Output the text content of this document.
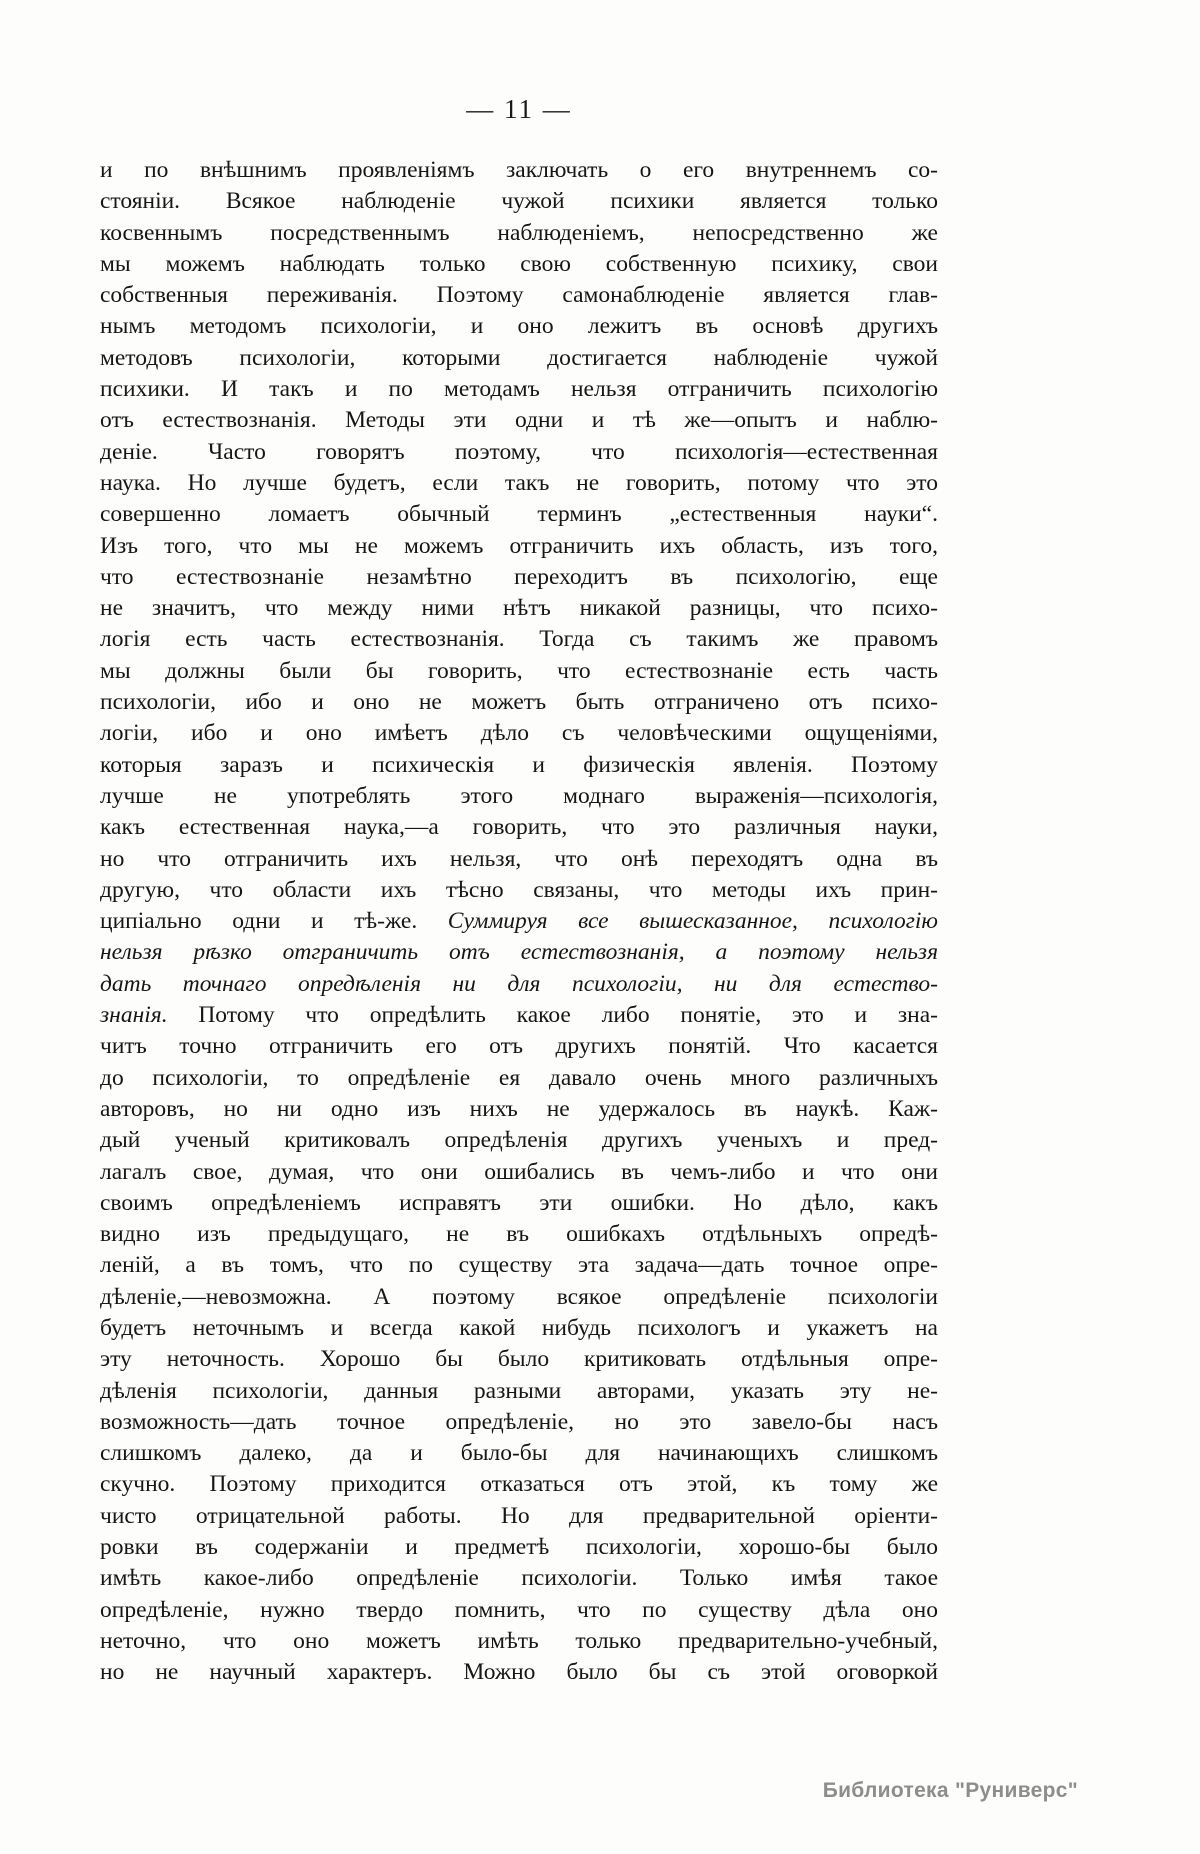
— 11 —
и по внѣшнимъ проявленіямъ заключать о его внутреннемъ со-
стояніи. Всякое наблюденіе чужой психики является только
косвеннымъ посредственнымъ наблюденіемъ, непосредственно же
мы можемъ наблюдать только свою собственную психику, свои
собственныя переживанія. Поэтому самонаблюденіе является глав-
нымъ методомъ психологіи, и оно лежитъ въ основѣ другихъ
методовъ психологіи, которыми достигается наблюденіе чужой
психики. И такъ и по методамъ нельзя отграничить психологію
отъ естествознанія. Методы эти одни и тѣ же—опытъ и наблю-
деніе. Часто говорятъ поэтому, что психологія—естественная
наука. Но лучше будетъ, если такъ не говорить, потому что это
совершенно ломаетъ обычный терминъ „естественныя науки“.
Изъ того, что мы не можемъ отграничить ихъ область, изъ того,
что естествознаніе незамѣтно переходитъ въ психологію, еще
не значитъ, что между ними нѣтъ никакой разницы, что психо-
логія есть часть естествознанія. Тогда съ такимъ же правомъ
мы должны были бы говорить, что естествознаніе есть часть
психологіи, ибо и оно не можетъ быть отграничено отъ психо-
логіи, ибо и оно имѣетъ дѣло съ человѣческими ощущеніями,
которыя заразъ и психическія и физическія явленія. Поэтому
лучше не употреблять этого моднаго выраженія—психологія,
какъ естественная наука,—а говорить, что это различныя науки,
но что отграничить ихъ нельзя, что онѣ переходятъ одна въ
другую, что области ихъ тѣсно связаны, что методы ихъ прин-
ципіально одни и тѣ-же. Суммируя все вышесказанное, психологію
нельзя рѣзко отграничить отъ естествознанія, а поэтому нельзя
дать точнаго опредѣленія ни для психологіи, ни для естество-
знанія. Потому что опредѣлить какое либо понятіе, это и зна-
читъ точно отграничить его отъ другихъ понятій. Что касается
до психологіи, то опредѣленіе ея давало очень много различныхъ
авторовъ, но ни одно изъ нихъ не удержалось въ наукѣ. Каж-
дый ученый критиковалъ опредѣленія другихъ ученыхъ и пред-
лагалъ свое, думая, что они ошибались въ чемъ-либо и что они
своимъ опредѣленіемъ исправятъ эти ошибки. Но дѣло, какъ
видно изъ предыдущаго, не въ ошибкахъ отдѣльныхъ опредѣ-
леній, а въ томъ, что по существу эта задача—дать точное опре-
дѣленіе,—невозможна. А поэтому всякое опредѣленіе психологіи
будетъ неточнымъ и всегда какой нибудь психологъ и укажетъ на
эту неточность. Хорошо бы было критиковать отдѣльныя опре-
дѣленія психологіи, данныя разными авторами, указать эту не-
возможность—дать точное опредѣленіе, но это завело-бы насъ
слишкомъ далеко, да и было-бы для начинающихъ слишкомъ
скучно. Поэтому приходится отказаться отъ этой, къ тому же
чисто отрицательной работы. Но для предварительной оріенти-
ровки въ содержаніи и предметѣ психологіи, хорошо-бы было
имѣть какое-либо опредѣленіе психологіи. Только имѣя такое
опредѣленіе, нужно твердо помнить, что по существу дѣла оно
неточно, что оно можетъ имѣть только предварительно-учебный,
но не научный характеръ. Можно было бы съ этой оговоркой
Библиотека "Руниверс"
